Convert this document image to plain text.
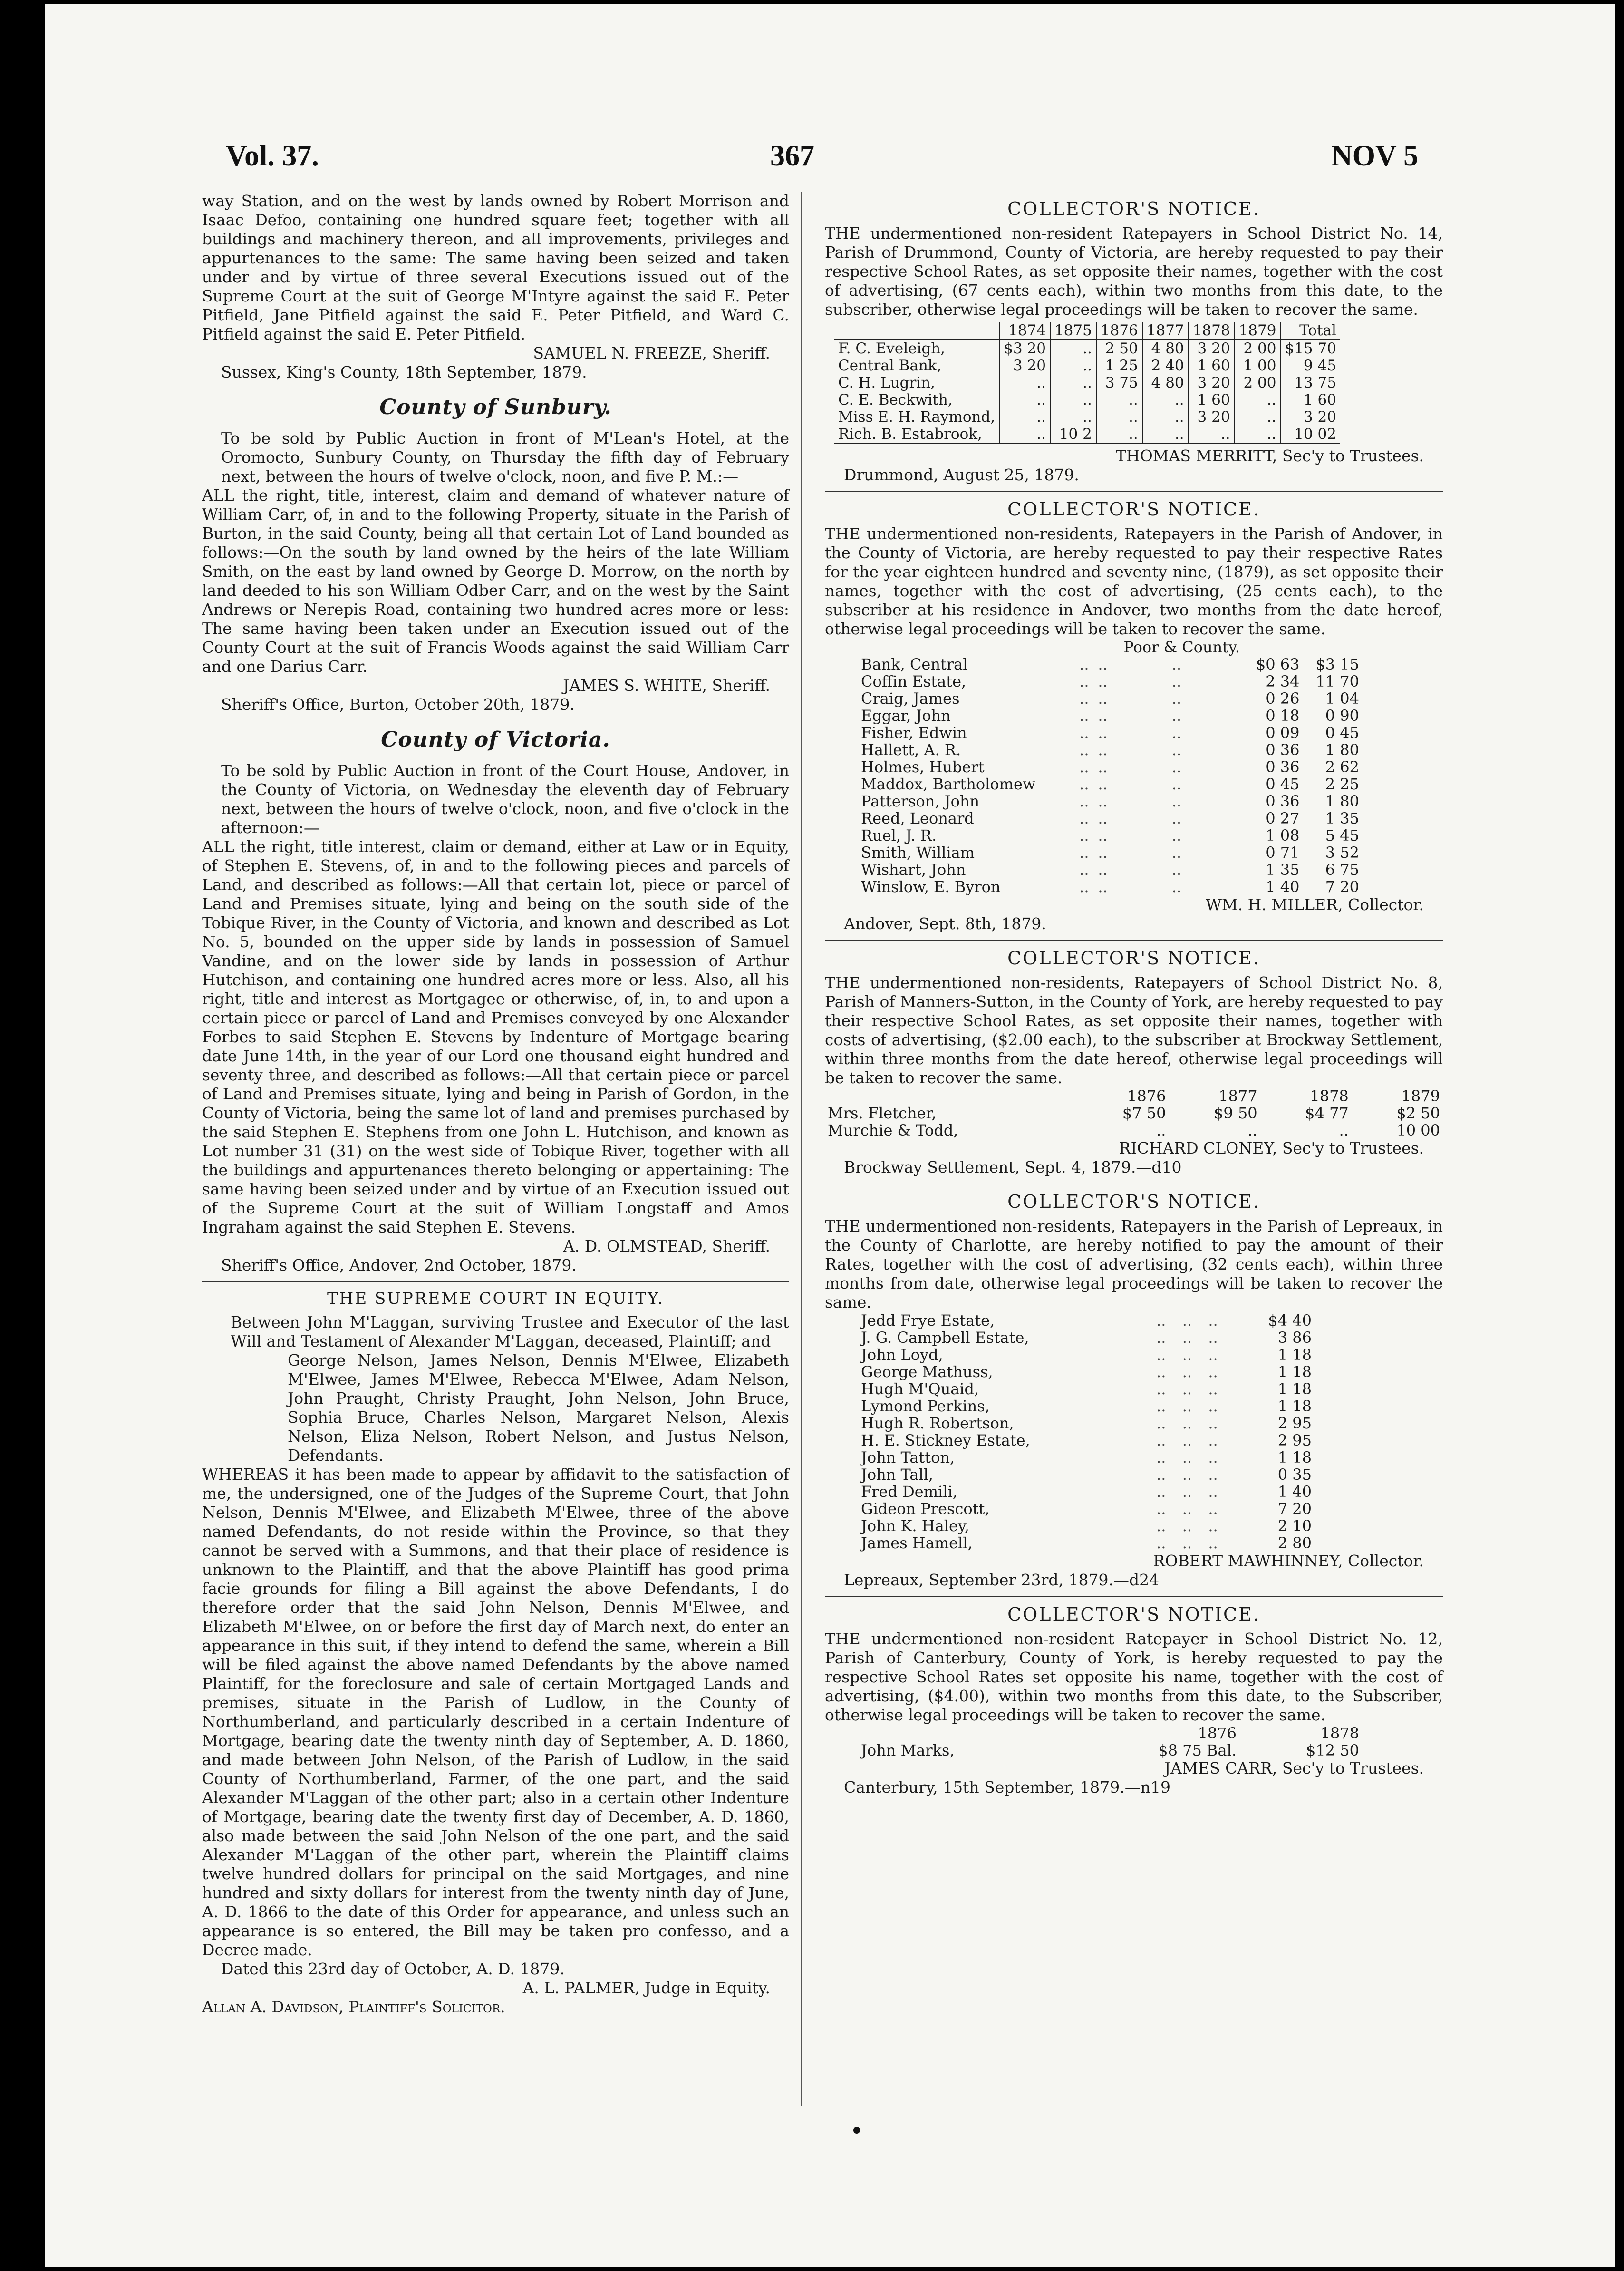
Vol. 37.	367	NOV 5

way Station, and on the west by lands owned by Robert Morrison and Isaac Defoo, containing one hundred square feet; together with all buildings and machinery thereon, and all improvements, privileges and appurtenances to the same: The same having been seized and taken under and by virtue of three several Executions issued out of the Supreme Court at the suit of George M'Intyre against the said E. Peter Pitfield, Jane Pitfield against the said E. Peter Pitfield, and Ward C. Pitfield against the said E. Peter Pitfield.

SAMUEL N. FREEZE, Sheriff.

Sussex, King's County, 18th September, 1879.

County of Sunbury.

To be sold by Public Auction in front of M'Lean's Hotel, at the Oromocto, Sunbury County, on Thursday the fifth day of February next, between the hours of twelve o'clock, noon, and five P. M.:—

ALL the right, title, interest, claim and demand of whatever nature of William Carr, of, in and to the following Property, situate in the Parish of Burton, in the said County, being all that certain Lot of Land bounded as follows:—On the south by land owned by the heirs of the late William Smith, on the east by land owned by George D. Morrow, on the north by land deeded to his son William Odber Carr, and on the west by the Saint Andrews or Nerepis Road, containing two hundred acres more or less: The same having been taken under an Execution issued out of the County Court at the suit of Francis Woods against the said William Carr and one Darius Carr.

JAMES S. WHITE, Sheriff.

Sheriff's Office, Burton, October 20th, 1879.

County of Victoria.

To be sold by Public Auction in front of the Court House, Andover, in the County of Victoria, on Wednesday the eleventh day of February next, between the hours of twelve o'clock, noon, and five o'clock in the afternoon:—

ALL the right, title interest, claim or demand, either at Law or in Equity, of Stephen E. Stevens, of, in and to the following pieces and parcels of Land, and described as follows:—All that certain lot, piece or parcel of Land and Premises situate, lying and being on the south side of the Tobique River, in the County of Victoria, and known and described as Lot No. 5, bounded on the upper side by lands in possession of Samuel Vandine, and on the lower side by lands in possession of Arthur Hutchison, and containing one hundred acres more or less. Also, all his right, title and interest as Mortgagee or otherwise, of, in, to and upon a certain piece or parcel of Land and Premises conveyed by one Alexander Forbes to said Stephen E. Stevens by Indenture of Mortgage bearing date June 14th, in the year of our Lord one thousand eight hundred and seventy three, and described as follows:—All that certain piece or parcel of Land and Premises situate, lying and being in Parish of Gordon, in the County of Victoria, being the same lot of land and premises purchased by the said Stephen E. Stephens from one John L. Hutchison, and known as Lot number 31 (31) on the west side of Tobique River, together with all the buildings and appurtenances thereto belonging or appertaining: The same having been seized under and by virtue of an Execution issued out of the Supreme Court at the suit of William Longstaff and Amos Ingraham against the said Stephen E. Stevens.

A. D. OLMSTEAD, Sheriff.

Sheriff's Office, Andover, 2nd October, 1879.

THE SUPREME COURT IN EQUITY.

Between John M'Laggan, surviving Trustee and Executor of the last Will and Testament of Alexander M'Laggan, deceased, Plaintiff; and

George Nelson, James Nelson, Dennis M'Elwee, Elizabeth M'Elwee, James M'Elwee, Rebecca M'Elwee, Adam Nelson, John Praught, Christy Praught, John Nelson, John Bruce, Sophia Bruce, Charles Nelson, Margaret Nelson, Alexis Nelson, Eliza Nelson, Robert Nelson, and Justus Nelson, Defendants.

WHEREAS it has been made to appear by affidavit to the satisfaction of me, the undersigned, one of the Judges of the Supreme Court, that John Nelson, Dennis M'Elwee, and Elizabeth M'Elwee, three of the above named Defendants, do not reside within the Province, so that they cannot be served with a Summons, and that their place of residence is unknown to the Plaintiff, and that the above Plaintiff has good prima facie grounds for filing a Bill against the above Defendants, I do therefore order that the said John Nelson, Dennis M'Elwee, and Elizabeth M'Elwee, on or before the first day of March next, do enter an appearance in this suit, if they intend to defend the same, wherein a Bill will be filed against the above named Defendants by the above named Plaintiff, for the foreclosure and sale of certain Mortgaged Lands and premises, situate in the Parish of Ludlow, in the County of Northumberland, and particularly described in a certain Indenture of Mortgage, bearing date the twenty ninth day of September, A. D. 1860, and made between John Nelson, of the Parish of Ludlow, in the said County of Northumberland, Farmer, of the one part, and the said Alexander M'Laggan of the other part; also in a certain other Indenture of Mortgage, bearing date the twenty first day of December, A. D. 1860, also made between the said John Nelson of the one part, and the said Alexander M'Laggan of the other part, wherein the Plaintiff claims twelve hundred dollars for principal on the said Mortgages, and nine hundred and sixty dollars for interest from the twenty ninth day of June, A. D. 1866 to the date of this Order for appearance, and unless such an appearance is so entered, the Bill may be taken pro confesso, and a Decree made.

Dated this 23rd day of October, A. D. 1879.

A. L. PALMER, Judge in Equity.

Allan A. Davidson, Plaintiff's Solicitor.

COLLECTOR'S NOTICE.

THE undermentioned non-resident Ratepayers in School District No. 14, Parish of Drummond, County of Victoria, are hereby requested to pay their respective School Rates, as set opposite their names, together with the cost of advertising, (67 cents each), within two months from this date, to the subscriber, otherwise legal proceedings will be taken to recover the same.

	1874	1875	1876	1877	1878	1879	Total
F. C. Eveleigh,	$3 20	..	2 50	4 80	3 20	2 00	$15 70
Central Bank,	3 20	..	1 25	2 40	1 60	1 00	9 45
C. H. Lugrin,	..	..	3 75	4 80	3 20	2 00	13 75
C. E. Beckwith,	..	..	..	..	1 60	..	1 60
Miss E. H. Raymond,	..	..	..	..	3 20	..	3 20
Rich. B. Estabrook,	..	10 2	..	..	..	..	10 02

THOMAS MERRITT, Sec'y to Trustees.

Drummond, August 25, 1879.

COLLECTOR'S NOTICE.

THE undermentioned non-residents, Ratepayers in the Parish of Andover, in the County of Victoria, are hereby requested to pay their respective Rates for the year eighteen hundred and seventy nine, (1879), as set opposite their names, together with the cost of advertising, (25 cents each), to the subscriber at his residence in Andover, two months from the date hereof, otherwise legal proceedings will be taken to recover the same.

		Poor & County.			
Bank, Central	..	..	..	$0 63	$3 15
Coffin Estate,	..	..	..	2 34	11 70
Craig, James	..	..	..	0 26	1 04
Eggar, John	..	..	..	0 18	0 90
Fisher, Edwin	..	..	..	0 09	0 45
Hallett, A. R.	..	..	..	0 36	1 80
Holmes, Hubert	..	..	..	0 36	2 62
Maddox, Bartholomew	..	..	..	0 45	2 25
Patterson, John	..	..	..	0 36	1 80
Reed, Leonard	..	..	..	0 27	1 35
Ruel, J. R.	..	..	..	1 08	5 45
Smith, William	..	..	..	0 71	3 52
Wishart, John	..	..	..	1 35	6 75
Winslow, E. Byron	..	..	..	1 40	7 20

WM. H. MILLER, Collector.

Andover, Sept. 8th, 1879.

COLLECTOR'S NOTICE.

THE undermentioned non-residents, Ratepayers of School District No. 8, Parish of Manners-Sutton, in the County of York, are hereby requested to pay their respective School Rates, as set opposite their names, together with costs of advertising, ($2.00 each), to the subscriber at Brockway Settlement, within three months from the date hereof, otherwise legal proceedings will be taken to recover the same.

	1876	1877	1878	1879
Mrs. Fletcher,	$7 50	$9 50	$4 77	$2 50
Murchie & Todd,	..	..	..	10 00

RICHARD CLONEY, Sec'y to Trustees.

Brockway Settlement, Sept. 4, 1879.—d10

COLLECTOR'S NOTICE.

THE undermentioned non-residents, Ratepayers in the Parish of Lepreaux, in the County of Charlotte, are hereby notified to pay the amount of their Rates, together with the cost of advertising, (32 cents each), within three months from date, otherwise legal proceedings will be taken to recover the same.

Jedd Frye Estate,	..	..	..	$4 40
J. G. Campbell Estate,	..	..	..	3 86
John Loyd,	..	..	..	1 18
George Mathuss,	..	..	..	1 18
Hugh M'Quaid,	..	..	..	1 18
Lymond Perkins,	..	..	..	1 18
Hugh R. Robertson,	..	..	..	2 95
H. E. Stickney Estate,	..	..	..	2 95
John Tatton,	..	..	..	1 18
John Tall,	..	..	..	0 35
Fred Demili,	..	..	..	1 40
Gideon Prescott,	..	..	..	7 20
John K. Haley,	..	..	..	2 10
James Hamell,	..	..	..	2 80

ROBERT MAWHINNEY, Collector.

Lepreaux, September 23rd, 1879.—d24

COLLECTOR'S NOTICE.

THE undermentioned non-resident Ratepayer in School District No. 12, Parish of Canterbury, County of York, is hereby requested to pay the respective School Rates set opposite his name, together with the cost of advertising, ($4.00), within two months from this date, to the Subscriber, otherwise legal proceedings will be taken to recover the same.

	1876	1878
John Marks,	$8 75 Bal.	$12 50

JAMES CARR, Sec'y to Trustees.

Canterbury, 15th September, 1879.—n19
